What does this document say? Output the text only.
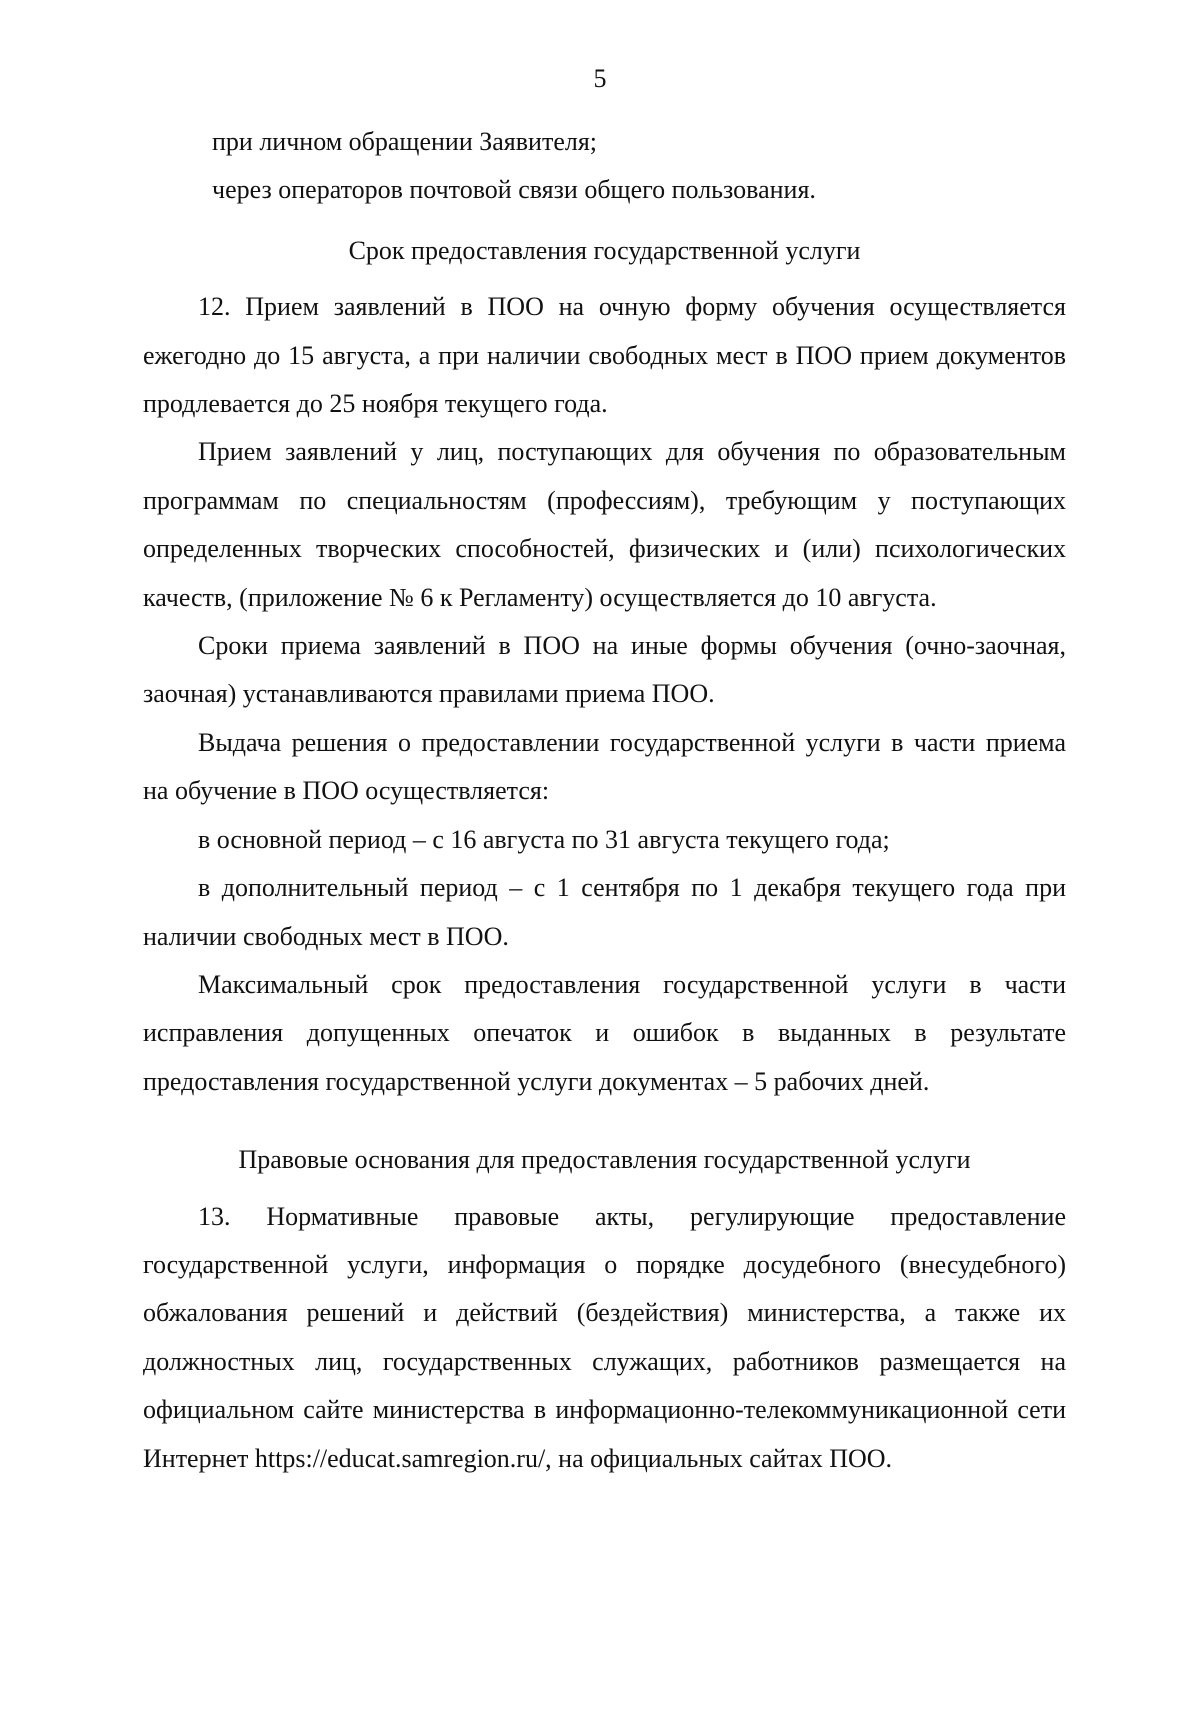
5

при личном обращении Заявителя;

через операторов почтовой связи общего пользования.

Срок предоставления государственной услуги

12. Прием заявлений в ПОО на очную форму обучения осуществляется ежегодно до 15 августа, а при наличии свободных мест в ПОО прием документов продлевается до 25 ноября текущего года.

Прием заявлений у лиц, поступающих для обучения по образовательным программам по специальностям (профессиям), требующим у поступающих определенных творческих способностей, физических и (или) психологических качеств, (приложение № 6 к Регламенту) осуществляется до 10 августа.

Сроки приема заявлений в ПОО на иные формы обучения (очно-заочная, заочная) устанавливаются правилами приема ПОО.

Выдача решения о предоставлении государственной услуги в части приема на обучение в ПОО осуществляется:

в основной период – с 16 августа по 31 августа текущего года;

в дополнительный период – с 1 сентября по 1 декабря текущего года при наличии свободных мест в ПОО.

Максимальный срок предоставления государственной услуги в части исправления допущенных опечаток и ошибок в выданных в результате предоставления государственной услуги документах – 5 рабочих дней.

Правовые основания для предоставления государственной услуги

13. Нормативные правовые акты, регулирующие предоставление государственной услуги, информация о порядке досудебного (внесудебного) обжалования решений и действий (бездействия) министерства, а также их должностных лиц, государственных служащих, работников размещается на официальном сайте министерства в информационно-телекоммуникационной сети Интернет https://educat.samregion.ru/, на официальных сайтах ПОО.
